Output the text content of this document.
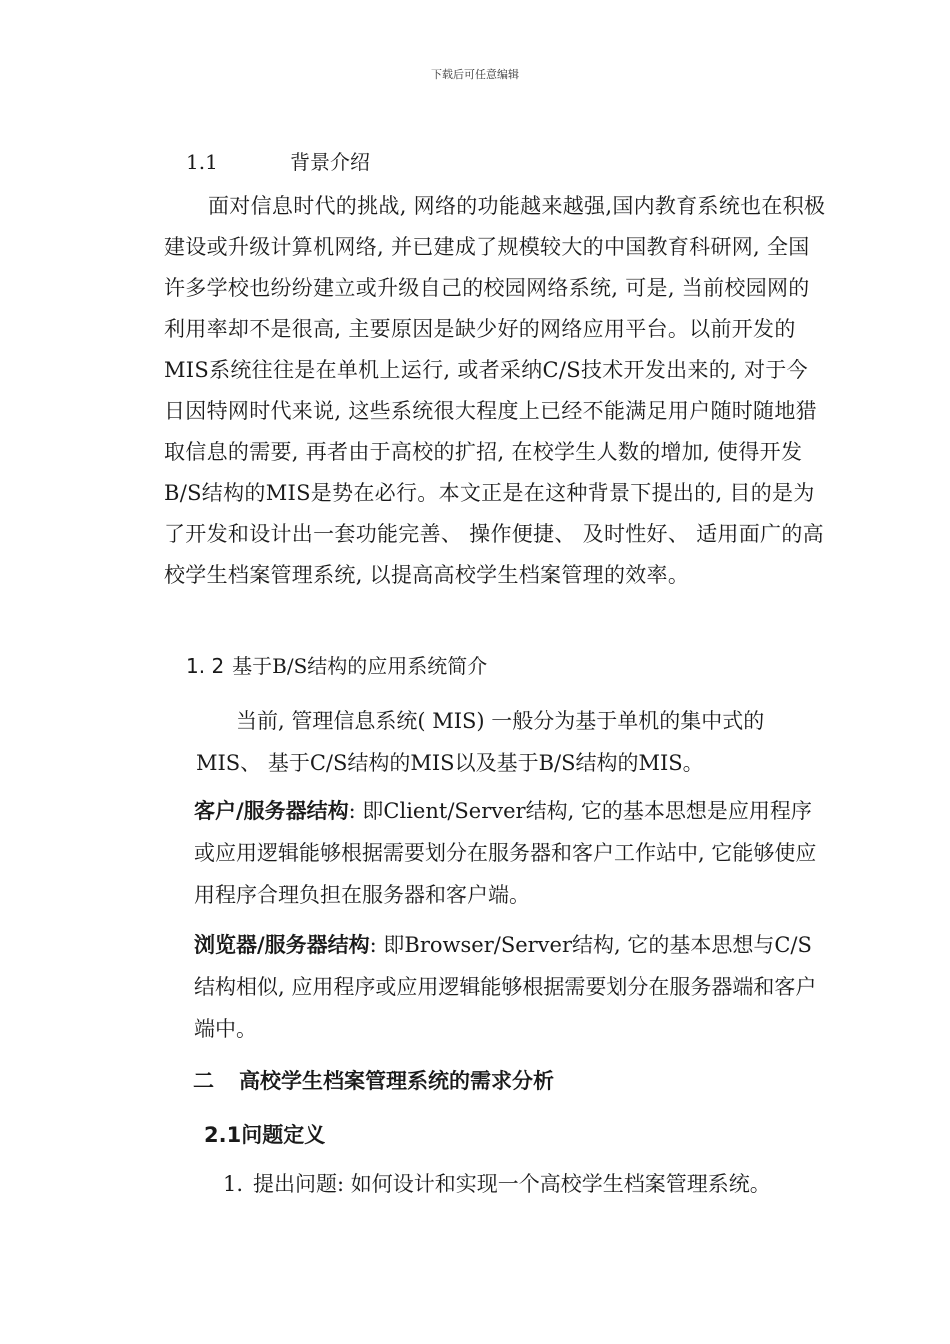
下载后可任意编辑
1.1	背景介绍

面对信息时代的挑战, 网络的功能越来越强,国内教育系统也在积极建设或升级计算机网络, 并已建成了规模较大的中国教育科研网, 全国许多学校也纷纷建立或升级自己的校园网络系统, 可是, 当前校园网的利用率却不是很高, 主要原因是缺少好的网络应用平台。以前开发的MIS系统往往是在单机上运行, 或者采纳C/S技术开发出来的, 对于今日因特网时代来说, 这些系统很大程度上已经不能满足用户随时随地猎取信息的需要, 再者由于高校的扩招, 在校学生人数的增加, 使得开发B/S结构的MIS是势在必行。本文正是在这种背景下提出的, 目的是为了开发和设计出一套功能完善、 操作便捷、 及时性好、 适用面广的高校学生档案管理系统, 以提高高校学生档案管理的效率。

1. 2 基于B/S结构的应用系统简介

当前, 管理信息系统( MIS) 一般分为基于单机的集中式的MIS、 基于C/S结构的MIS以及基于B/S结构的MIS。

客户/服务器结构: 即Client/Server结构, 它的基本思想是应用程序或应用逻辑能够根据需要划分在服务器和客户工作站中, 它能够使应用程序合理负担在服务器和客户端。

浏览器/服务器结构: 即Browser/Server结构, 它的基本思想与C/S结构相似, 应用程序或应用逻辑能够根据需要划分在服务器端和客户端中。

二 高校学生档案管理系统的需求分析
2.1问题定义
1. 提出问题: 如何设计和实现一个高校学生档案管理系统。
